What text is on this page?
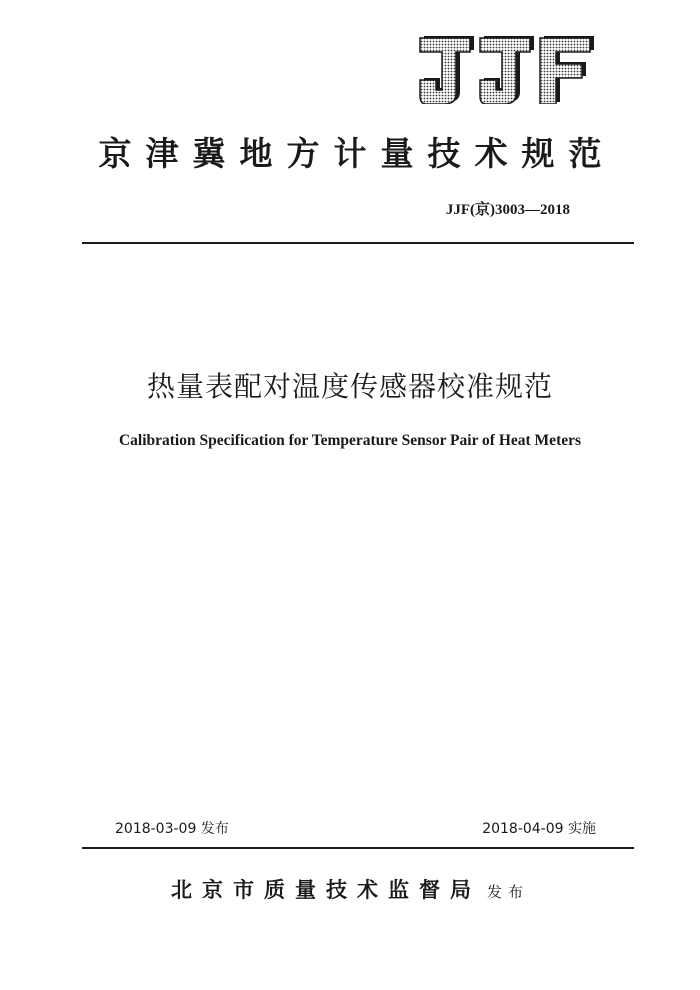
京津冀地方计量技术规范
JJF(京)3003—2018
热量表配对温度传感器校准规范
Calibration Specification for Temperature Sensor Pair of Heat Meters
2018-03-09 发布	2018-04-09 实施
北京市质量技术监督局 发布
